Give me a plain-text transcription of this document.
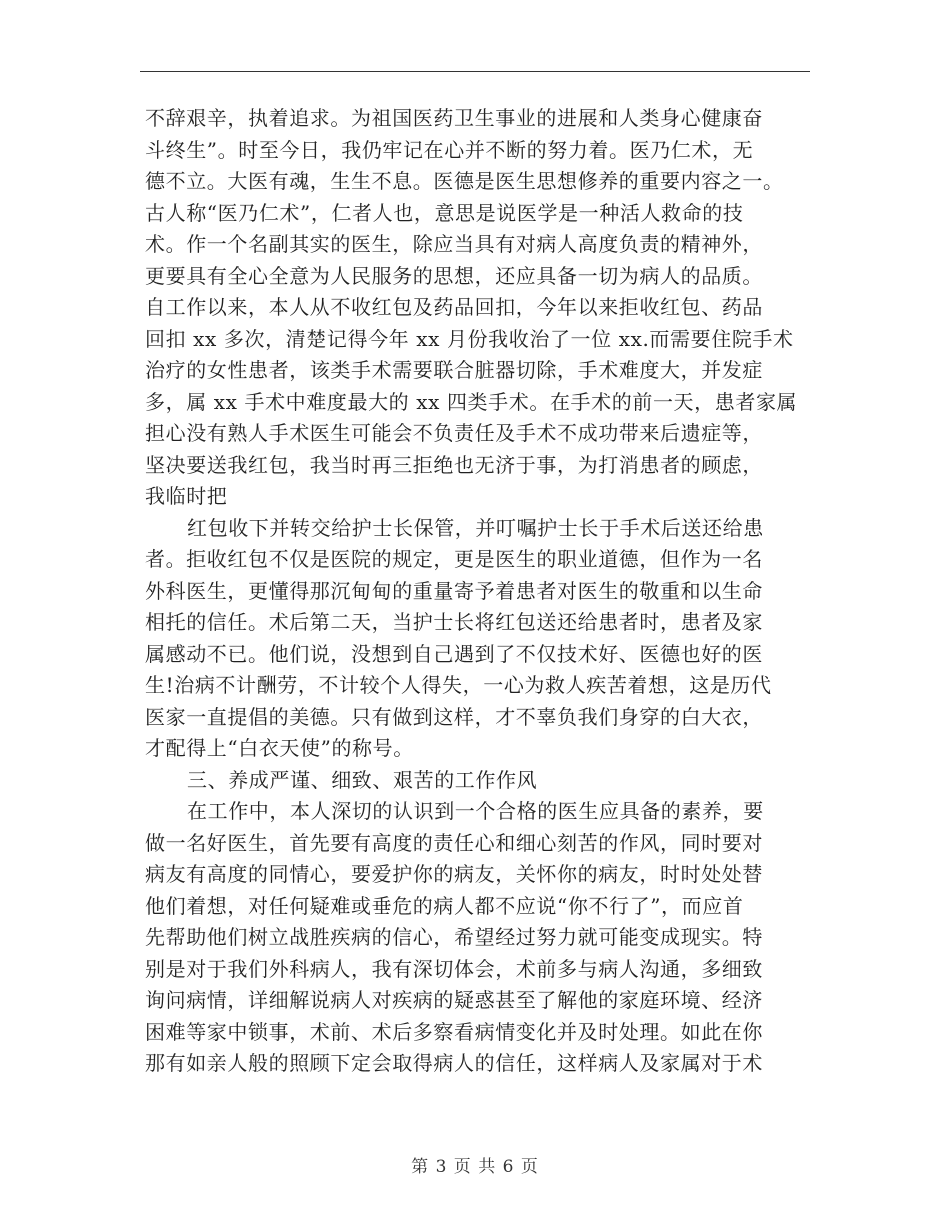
不辞艰辛，执着追求。为祖国医药卫生事业的进展和人类身心健康奋
斗终生”。时至今日，我仍牢记在心并不断的努力着。医乃仁术，无
德不立。大医有魂，生生不息。医德是医生思想修养的重要内容之一。
古人称“医乃仁术”，仁者人也，意思是说医学是一种活人救命的技
术。作一个名副其实的医生，除应当具有对病人高度负责的精神外，
更要具有全心全意为人民服务的思想，还应具备一切为病人的品质。
自工作以来，本人从不收红包及药品回扣，今年以来拒收红包、药品
回扣 xx 多次，清楚记得今年 xx 月份我收治了一位 xx.而需要住院手术
治疗的女性患者，该类手术需要联合脏器切除，手术难度大，并发症
多，属 xx 手术中难度最大的 xx 四类手术。在手术的前一天，患者家属
担心没有熟人手术医生可能会不负责任及手术不成功带来后遗症等，
坚决要送我红包，我当时再三拒绝也无济于事，为打消患者的顾虑，
我临时把
红包收下并转交给护士长保管，并叮嘱护士长于手术后送还给患
者。拒收红包不仅是医院的规定，更是医生的职业道德，但作为一名
外科医生，更懂得那沉甸甸的重量寄予着患者对医生的敬重和以生命
相托的信任。术后第二天，当护士长将红包送还给患者时，患者及家
属感动不已。他们说，没想到自己遇到了不仅技术好、医德也好的医
生!治病不计酬劳，不计较个人得失，一心为救人疾苦着想，这是历代
医家一直提倡的美德。只有做到这样，才不辜负我们身穿的白大衣，
才配得上“白衣天使”的称号。
三、养成严谨、细致、艰苦的工作作风
在工作中，本人深切的认识到一个合格的医生应具备的素养，要
做一名好医生，首先要有高度的责任心和细心刻苦的作风，同时要对
病友有高度的同情心，要爱护你的病友，关怀你的病友，时时处处替
他们着想，对任何疑难或垂危的病人都不应说“你不行了”，而应首
先帮助他们树立战胜疾病的信心，希望经过努力就可能变成现实。特
别是对于我们外科病人，我有深切体会，术前多与病人沟通，多细致
询问病情，详细解说病人对疾病的疑惑甚至了解他的家庭环境、经济
困难等家中锁事，术前、术后多察看病情变化并及时处理。如此在你
那有如亲人般的照顾下定会取得病人的信任，这样病人及家属对于术
第 3 页 共 6 页
